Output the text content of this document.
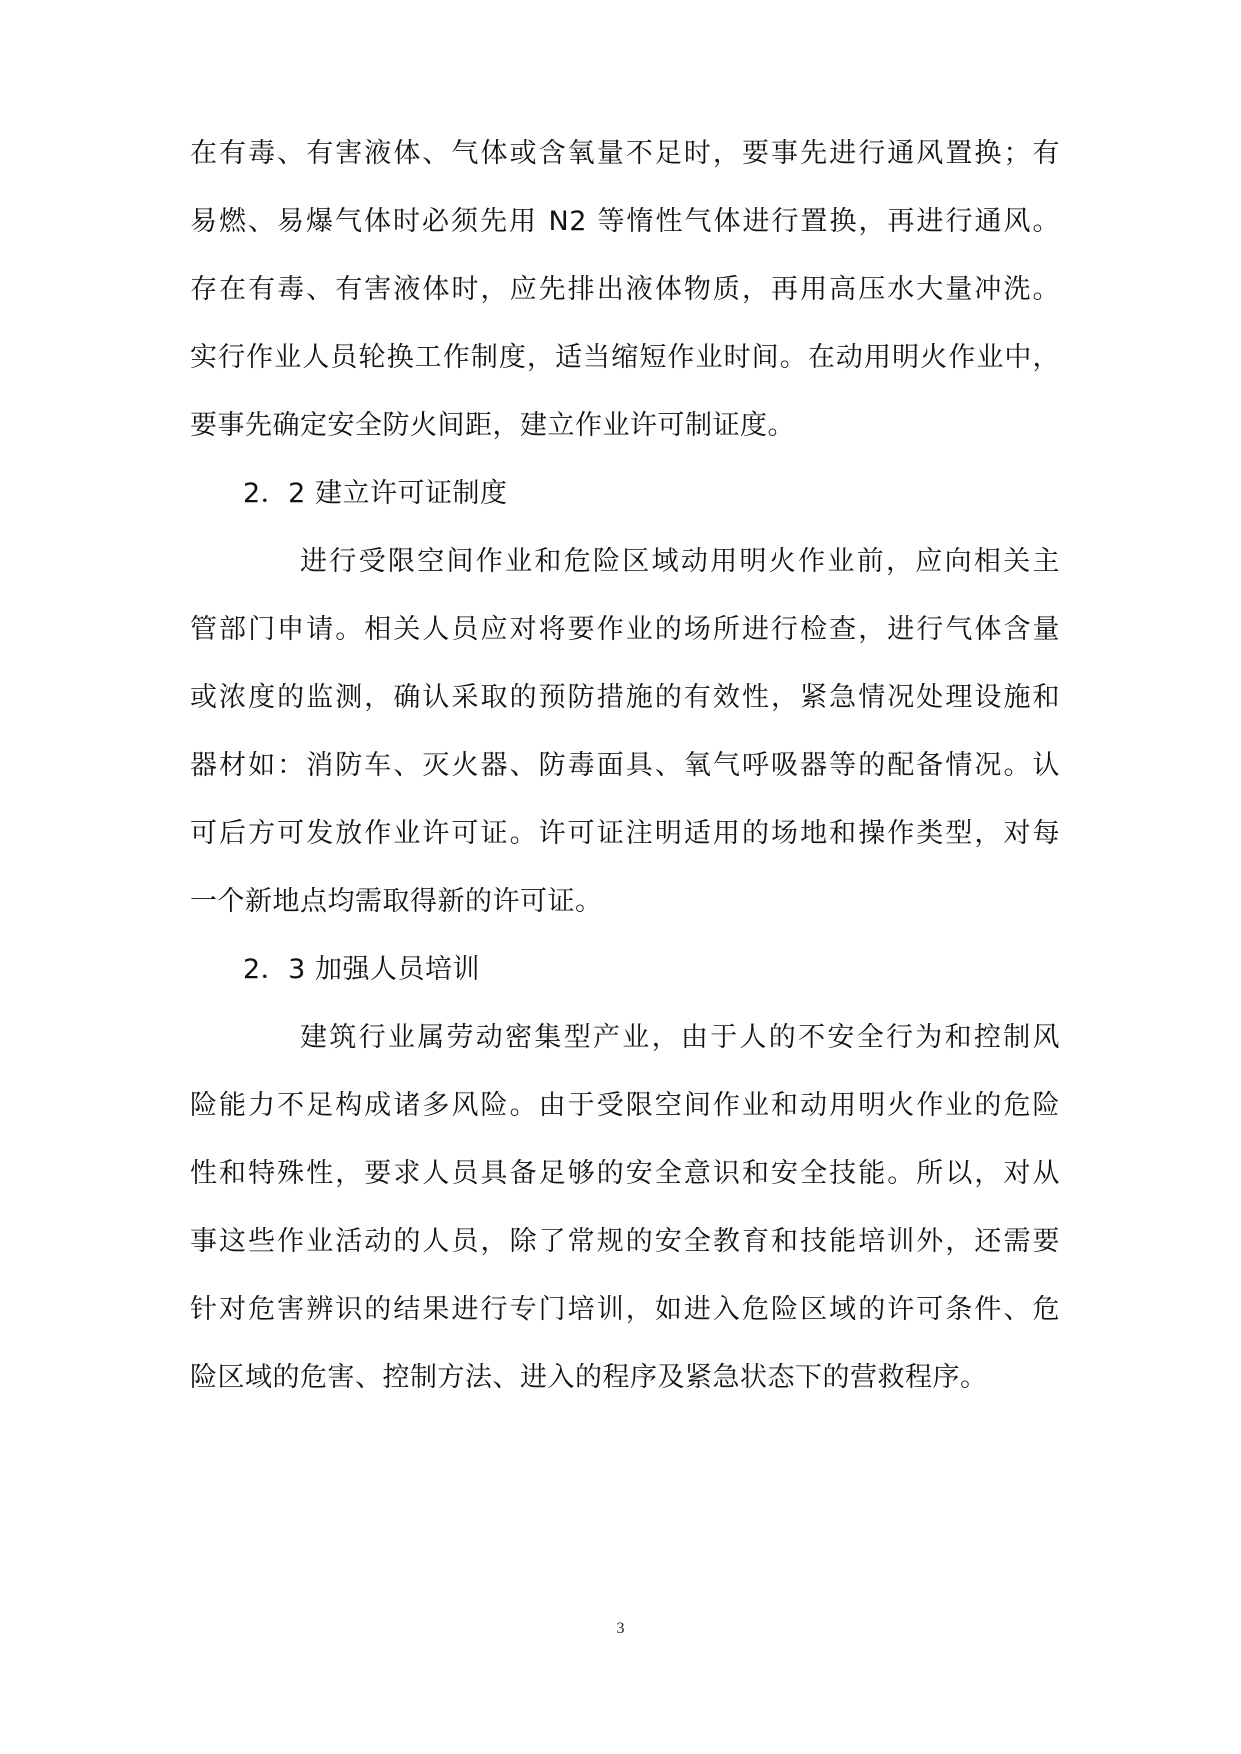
在有毒、有害液体、气体或含氧量不足时，要事先进行通风置换；有
易燃、易爆气体时必须先用 N2 等惰性气体进行置换，再进行通风。
存在有毒、有害液体时，应先排出液体物质，再用高压水大量冲洗。
实行作业人员轮换工作制度，适当缩短作业时间。在动用明火作业中，
要事先确定安全防火间距，建立作业许可制证度。
2．2 建立许可证制度
进行受限空间作业和危险区域动用明火作业前，应向相关主
管部门申请。相关人员应对将要作业的场所进行检查，进行气体含量
或浓度的监测，确认采取的预防措施的有效性，紧急情况处理设施和
器材如：消防车、灭火器、防毒面具、氧气呼吸器等的配备情况。认
可后方可发放作业许可证。许可证注明适用的场地和操作类型，对每
一个新地点均需取得新的许可证。
2．3 加强人员培训
建筑行业属劳动密集型产业，由于人的不安全行为和控制风
险能力不足构成诸多风险。由于受限空间作业和动用明火作业的危险
性和特殊性，要求人员具备足够的安全意识和安全技能。所以，对从
事这些作业活动的人员，除了常规的安全教育和技能培训外，还需要
针对危害辨识的结果进行专门培训，如进入危险区域的许可条件、危
险区域的危害、控制方法、进入的程序及紧急状态下的营救程序。
3
